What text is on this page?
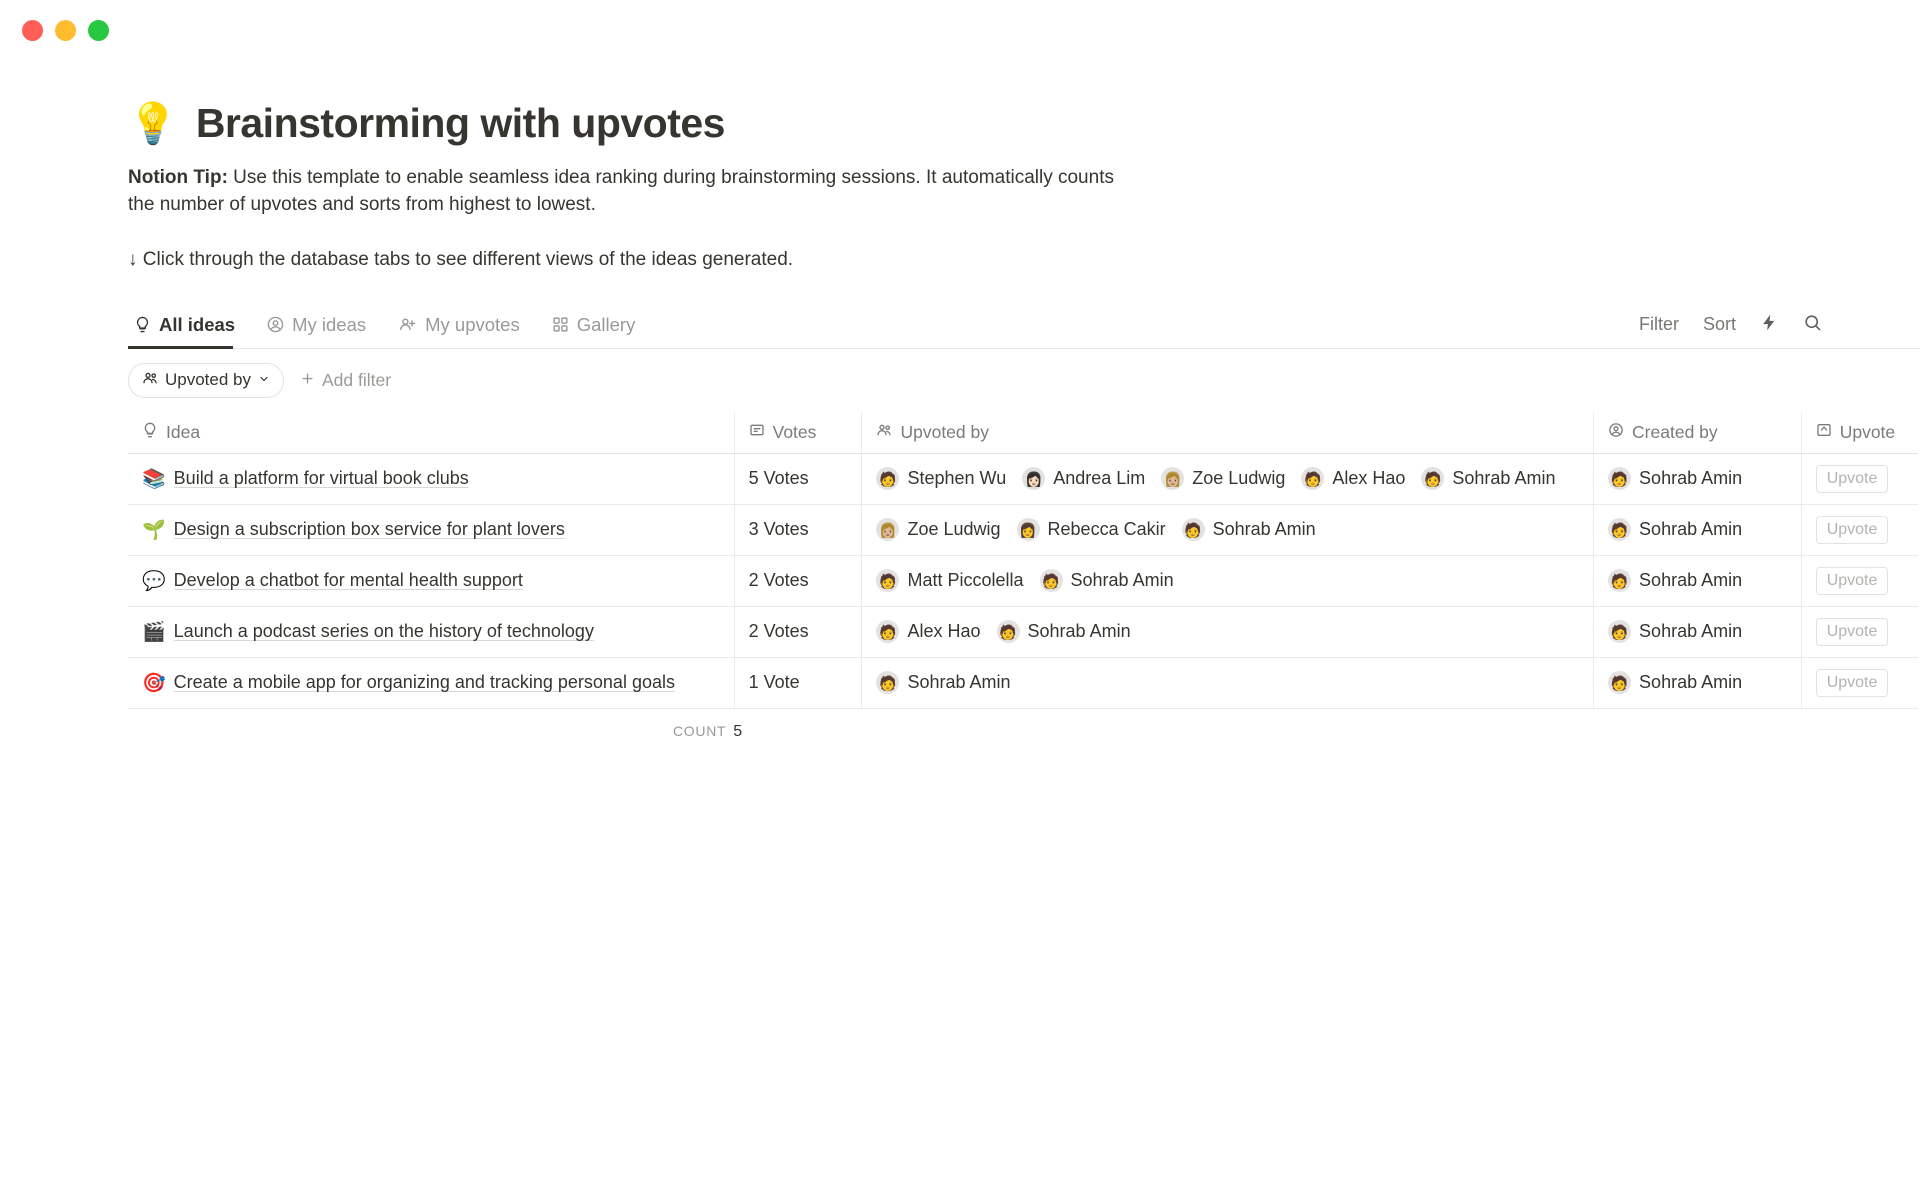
💡 Brainstorming with upvotes

Notion Tip: Use this template to enable seamless idea ranking during brainstorming sessions. It automatically counts the number of upvotes and sorts from highest to lowest.

↓ Click through the database tabs to see different views of the ideas generated.

All ideas	My ideas	My upvotes	Gallery	Filter Sort
Upvoted by	Add filter
Idea	Votes	Upvoted by	Created by	Upvote
📚 Build a platform for virtual book clubs	5 Votes	🧑 Stephen Wu 👩🏻 Andrea Lim 👩🏼 Zoe Ludwig 🧑 Alex Hao 🧑 Sohrab Amin	🧑 Sohrab Amin	Upvote
🌱 Design a subscription box service for plant lovers	3 Votes	👩🏼 Zoe Ludwig 👩 Rebecca Cakir 🧑 Sohrab Amin	🧑 Sohrab Amin	Upvote
💬 Develop a chatbot for mental health support	2 Votes	🧑 Matt Piccolella 🧑 Sohrab Amin	🧑 Sohrab Amin	Upvote
🎬 Launch a podcast series on the history of technology	2 Votes	🧑 Alex Hao 🧑 Sohrab Amin	🧑 Sohrab Amin	Upvote
🎯 Create a mobile app for organizing and tracking personal goals	1 Vote	🧑 Sohrab Amin	🧑 Sohrab Amin	Upvote
COUNT 5
